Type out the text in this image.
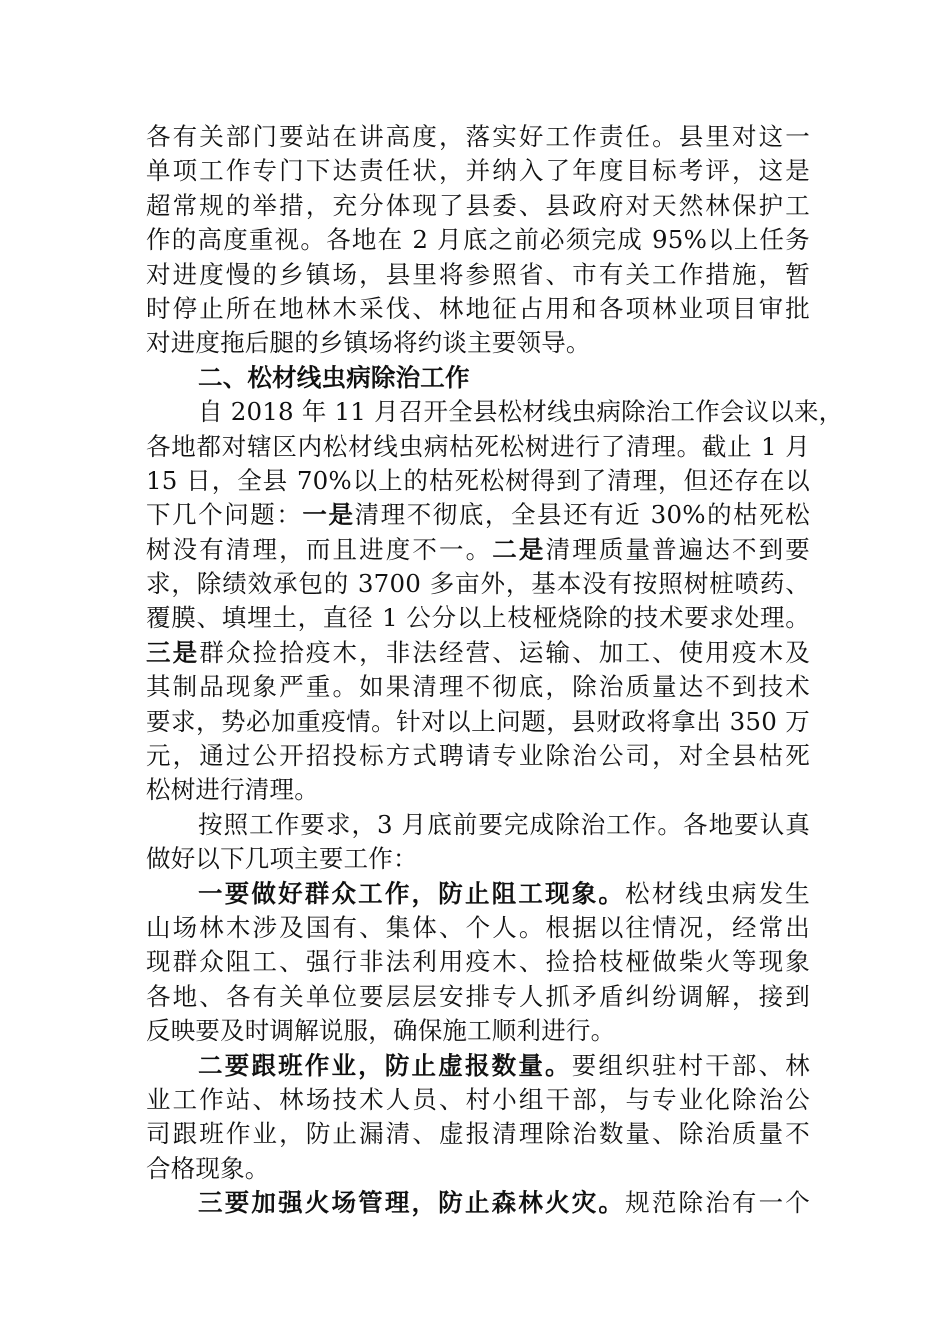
各有关部门要站在讲高度，落实好工作责任。县里对这一
单项工作专门下达责任状，并纳入了年度目标考评，这是
超常规的举措，充分体现了县委、县政府对天然林保护工
作的高度重视。各地在 2 月底之前必须完成 95%以上任务
对进度慢的乡镇场，县里将参照省、市有关工作措施，暂
时停止所在地林木采伐、林地征占用和各项林业项目审批
对进度拖后腿的乡镇场将约谈主要领导。
二、松材线虫病除治工作
自 2018 年 11 月召开全县松材线虫病除治工作会议以来，
各地都对辖区内松材线虫病枯死松树进行了清理。截止 1 月
15 日，全县 70%以上的枯死松树得到了清理，但还存在以
下几个问题：一是清理不彻底，全县还有近 30%的枯死松
树没有清理，而且进度不一。二是清理质量普遍达不到要
求，除绩效承包的 3700 多亩外，基本没有按照树桩喷药、
覆膜、填埋土，直径 1 公分以上枝桠烧除的技术要求处理。
三是群众捡拾疫木，非法经营、运输、加工、使用疫木及
其制品现象严重。如果清理不彻底，除治质量达不到技术
要求，势必加重疫情。针对以上问题，县财政将拿出 350 万
元，通过公开招投标方式聘请专业除治公司，对全县枯死
松树进行清理。
按照工作要求，3 月底前要完成除治工作。各地要认真
做好以下几项主要工作：
一要做好群众工作，防止阻工现象。松材线虫病发生
山场林木涉及国有、集体、个人。根据以往情况，经常出
现群众阻工、强行非法利用疫木、捡拾枝桠做柴火等现象
各地、各有关单位要层层安排专人抓矛盾纠纷调解，接到
反映要及时调解说服，确保施工顺利进行。
二要跟班作业，防止虚报数量。要组织驻村干部、林
业工作站、林场技术人员、村小组干部，与专业化除治公
司跟班作业，防止漏清、虚报清理除治数量、除治质量不
合格现象。
三要加强火场管理，防止森林火灾。规范除治有一个
